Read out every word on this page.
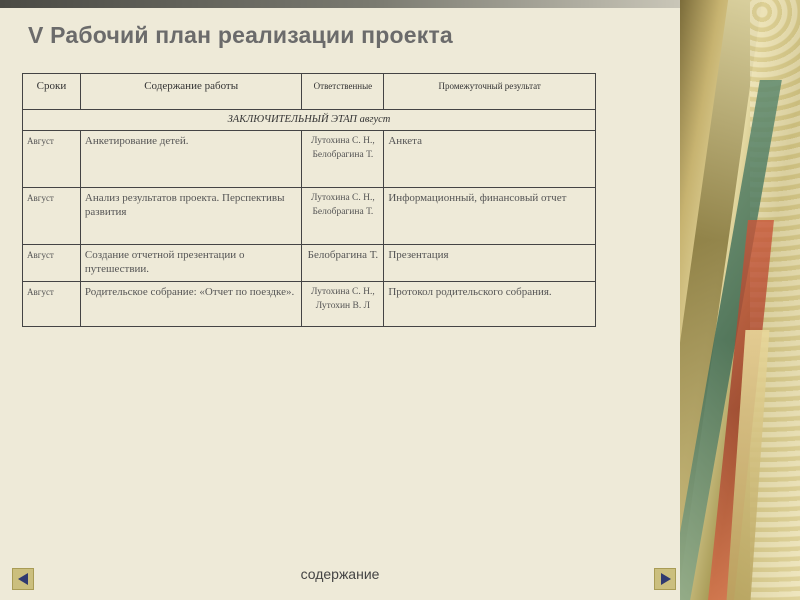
V Рабочий план реализации проекта
Сроки	Содержание работы	Ответственные	Промежуточный результат
ЗАКЛЮЧИТЕЛЬНЫЙ ЭТАП август			
Август	Анкетирование детей.	Лутохина С. Н., Белобрагина Т.	Анкета
Август	Анализ результатов проекта. Перспективы развития	Лутохина С. Н., Белобрагина Т.	Информационный, финансовый отчет
Август	Создание отчетной презентации о путешествии.	Белобрагина Т.	Презентация
Август	Родительское собрание: «Отчет по поездке».	Лутохина С. Н., Лутохин В. Л	Протокол родительского собрания.
содержание
